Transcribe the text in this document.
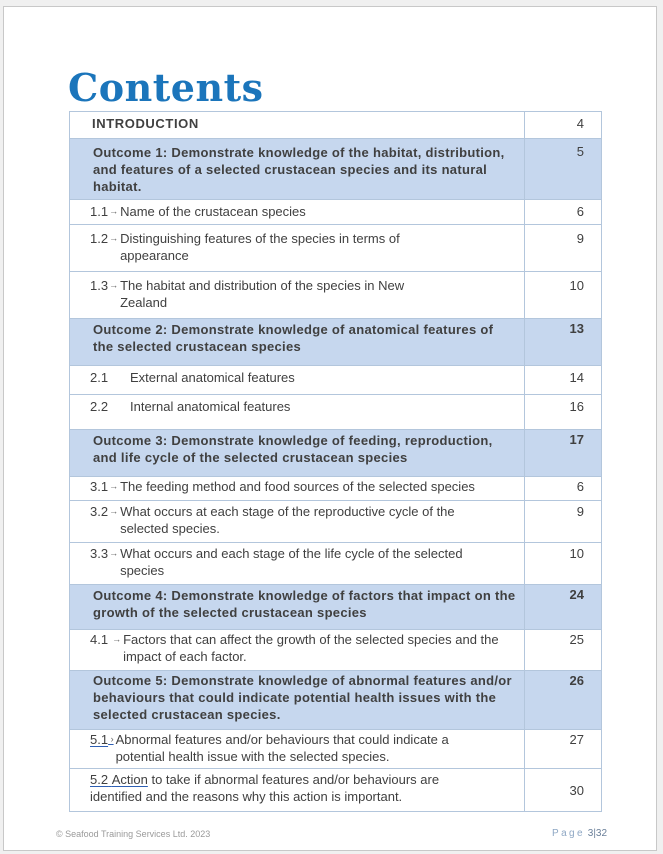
Contents
INTRODUCTION	4

Outcome 1: Demonstrate knowledge of the habitat, distribution, and features of a selected crustacean species and its natural habitat.	5

1.1 → Name of the crustacean species	6

1.2 → Distinguishing features of the species in terms of appearance	9

1.3 → The habitat and distribution of the species in New Zealand	10

Outcome 2: Demonstrate knowledge of anatomical features of the selected crustacean species	13

2.1 External anatomical features	14

2.2 Internal anatomical features	16

Outcome 3: Demonstrate knowledge of feeding, reproduction, and life cycle of the selected crustacean species	17

3.1 → The feeding method and food sources of the selected species	6

3.2 → What occurs at each stage of the reproductive cycle of the selected species.	9

3.3 → What occurs and each stage of the life cycle of the selected species	10

Outcome 4: Demonstrate knowledge of factors that impact on the growth of the selected crustacean species	24

4.1 → Factors that can affect the growth of the selected species and the impact of each factor.	25

Outcome 5: Demonstrate knowledge of abnormal features and/or behaviours that could indicate potential health issues with the selected crustacean species.	26

5.1 › Abnormal features and/or behaviours that could indicate a potential health issue with the selected species.	27

5.2 Action to take if abnormal features and/or behaviours are identified and the reasons why this action is important.	30
© Seafood Training Services Ltd. 2023	Page 3|32
